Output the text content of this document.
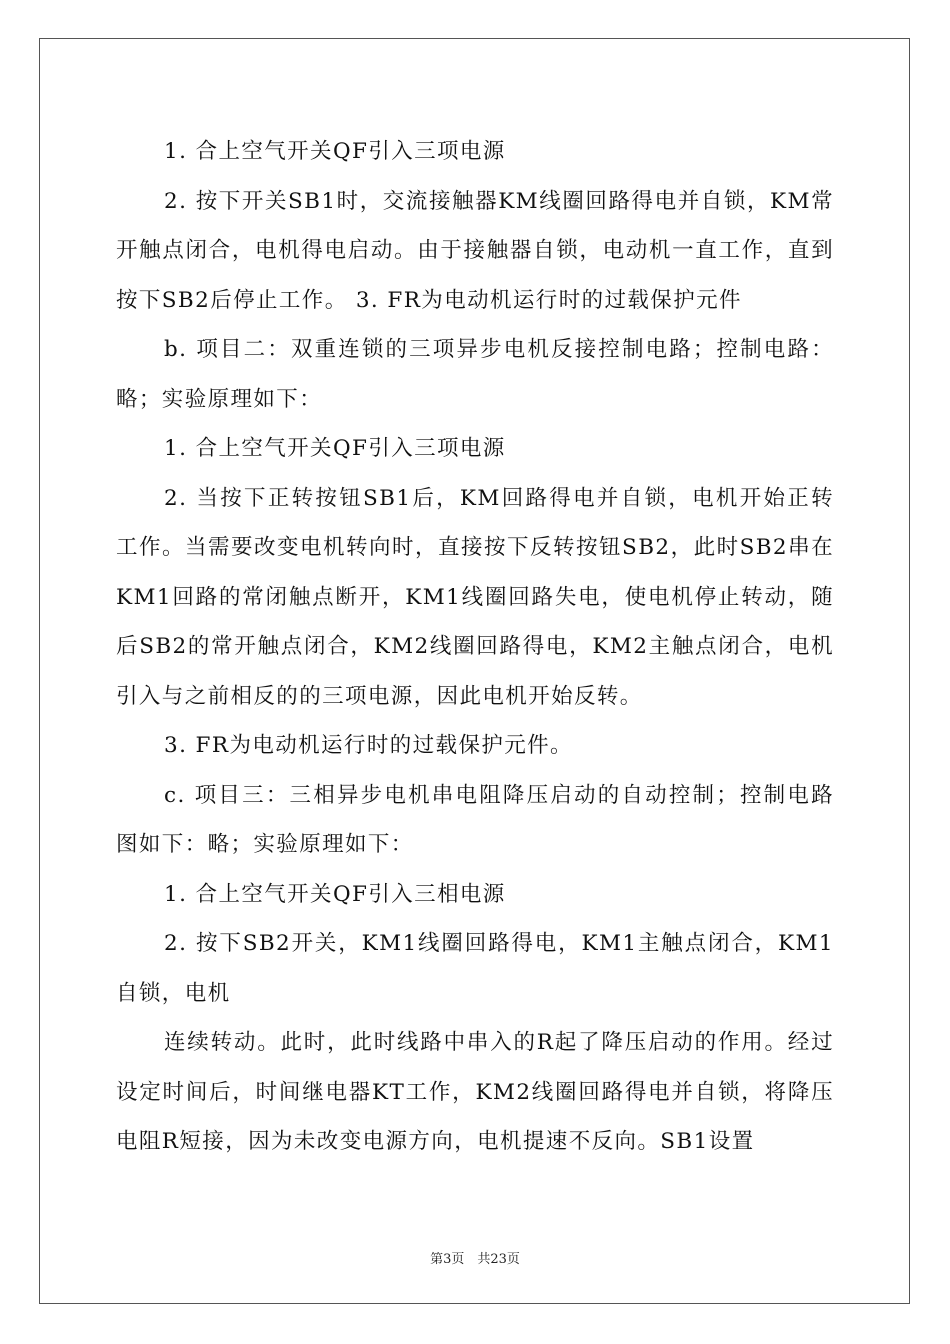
1. 合上空气开关QF引入三项电源

2. 按下开关SB1时，交流接触器KM线圈回路得电并自锁，KM常开触点闭合，电机得电启动。由于接触器自锁，电动机一直工作，直到按下SB2后停止工作。 3. FR为电动机运行时的过载保护元件

b. 项目二：双重连锁的三项异步电机反接控制电路；控制电路：略；实验原理如下：

1. 合上空气开关QF引入三项电源

2. 当按下正转按钮SB1后，KM回路得电并自锁，电机开始正转工作。当需要改变电机转向时，直接按下反转按钮SB2，此时SB2串在KM1回路的常闭触点断开，KM1线圈回路失电，使电机停止转动，随后SB2的常开触点闭合，KM2线圈回路得电，KM2主触点闭合，电机引入与之前相反的的三项电源，因此电机开始反转。

3. FR为电动机运行时的过载保护元件。

c. 项目三：三相异步电机串电阻降压启动的自动控制；控制电路图如下：略；实验原理如下：

1. 合上空气开关QF引入三相电源

2. 按下SB2开关，KM1线圈回路得电，KM1主触点闭合，KM1自锁，电机

连续转动。此时，此时线路中串入的R起了降压启动的作用。经过设定时间后，时间继电器KT工作，KM2线圈回路得电并自锁，将降压电阻R短接，因为未改变电源方向，电机提速不反向。SB1设置

第3页　共23页
